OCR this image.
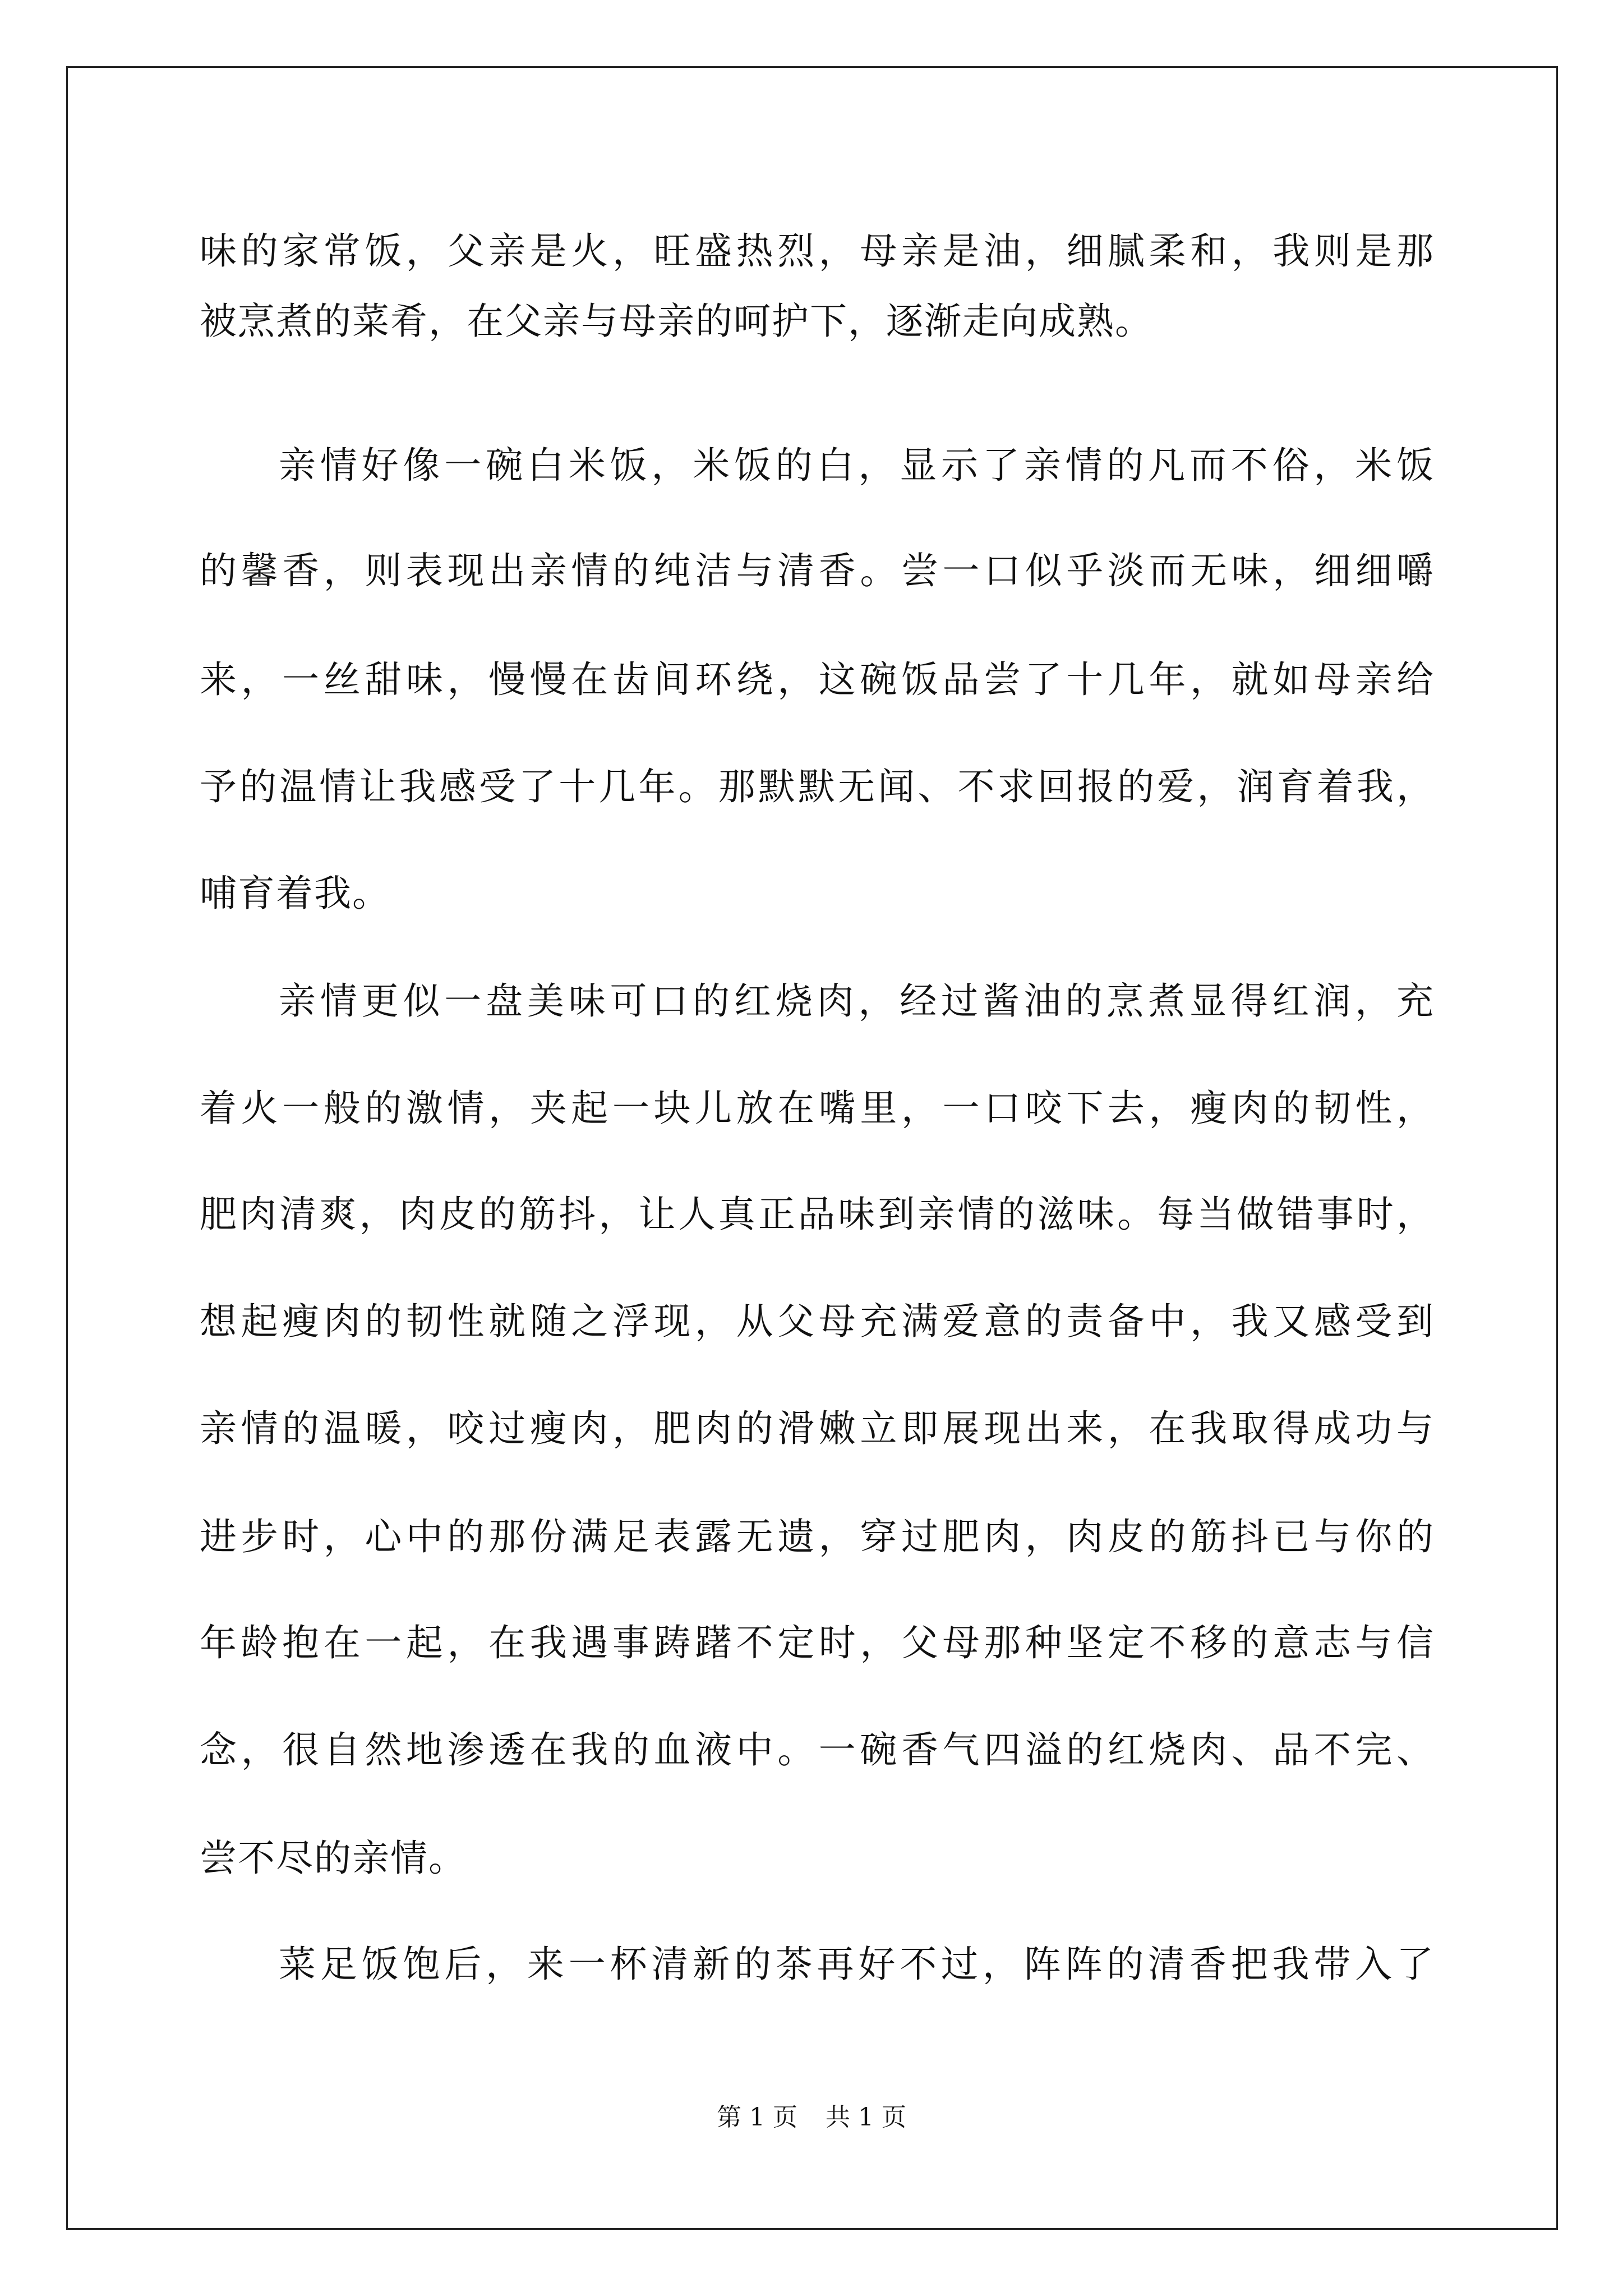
味的家常饭，父亲是火，旺盛热烈，母亲是油，细腻柔和，我则是那

被烹煮的菜肴，在父亲与母亲的呵护下，逐渐走向成熟。

亲情好像一碗白米饭，米饭的白，显示了亲情的凡而不俗，米饭

的馨香，则表现出亲情的纯洁与清香。尝一口似乎淡而无味，细细嚼

来，一丝甜味，慢慢在齿间环绕，这碗饭品尝了十几年，就如母亲给

予的温情让我感受了十几年。那默默无闻、不求回报的爱，润育着我，

哺育着我。

亲情更似一盘美味可口的红烧肉，经过酱油的烹煮显得红润，充

着火一般的激情，夹起一块儿放在嘴里，一口咬下去，瘦肉的韧性，

肥肉清爽，肉皮的筋抖，让人真正品味到亲情的滋味。每当做错事时，

想起瘦肉的韧性就随之浮现，从父母充满爱意的责备中，我又感受到

亲情的温暖，咬过瘦肉，肥肉的滑嫩立即展现出来，在我取得成功与

进步时，心中的那份满足表露无遗，穿过肥肉，肉皮的筋抖已与你的

年龄抱在一起，在我遇事踌躇不定时，父母那种坚定不移的意志与信

念，很自然地渗透在我的血液中。一碗香气四溢的红烧肉、品不完、

尝不尽的亲情。

菜足饭饱后，来一杯清新的茶再好不过，阵阵的清香把我带入了

第 1 页 共 1 页
